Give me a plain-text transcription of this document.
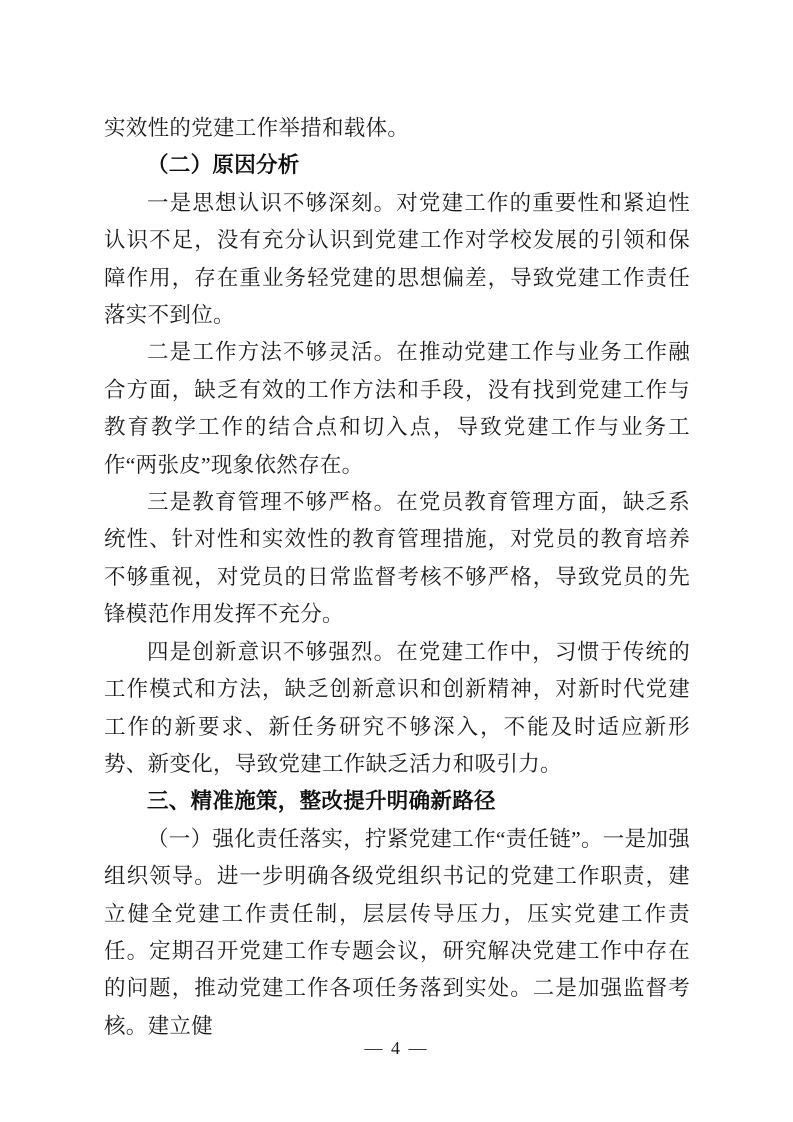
实效性的党建工作举措和载体。

（二）原因分析

一是思想认识不够深刻。对党建工作的重要性和紧迫性认识不足，没有充分认识到党建工作对学校发展的引领和保障作用，存在重业务轻党建的思想偏差，导致党建工作责任落实不到位。

二是工作方法不够灵活。在推动党建工作与业务工作融合方面，缺乏有效的工作方法和手段，没有找到党建工作与教育教学工作的结合点和切入点，导致党建工作与业务工作“两张皮”现象依然存在。

三是教育管理不够严格。在党员教育管理方面，缺乏系统性、针对性和实效性的教育管理措施，对党员的教育培养不够重视，对党员的日常监督考核不够严格，导致党员的先锋模范作用发挥不充分。

四是创新意识不够强烈。在党建工作中，习惯于传统的工作模式和方法，缺乏创新意识和创新精神，对新时代党建工作的新要求、新任务研究不够深入，不能及时适应新形势、新变化，导致党建工作缺乏活力和吸引力。

三、精准施策，整改提升明确新路径

（一）强化责任落实，拧紧党建工作“责任链”。一是加强组织领导。进一步明确各级党组织书记的党建工作职责，建立健全党建工作责任制，层层传导压力，压实党建工作责任。定期召开党建工作专题会议，研究解决党建工作中存在的问题，推动党建工作各项任务落到实处。二是加强监督考核。建立健

— 4 —
